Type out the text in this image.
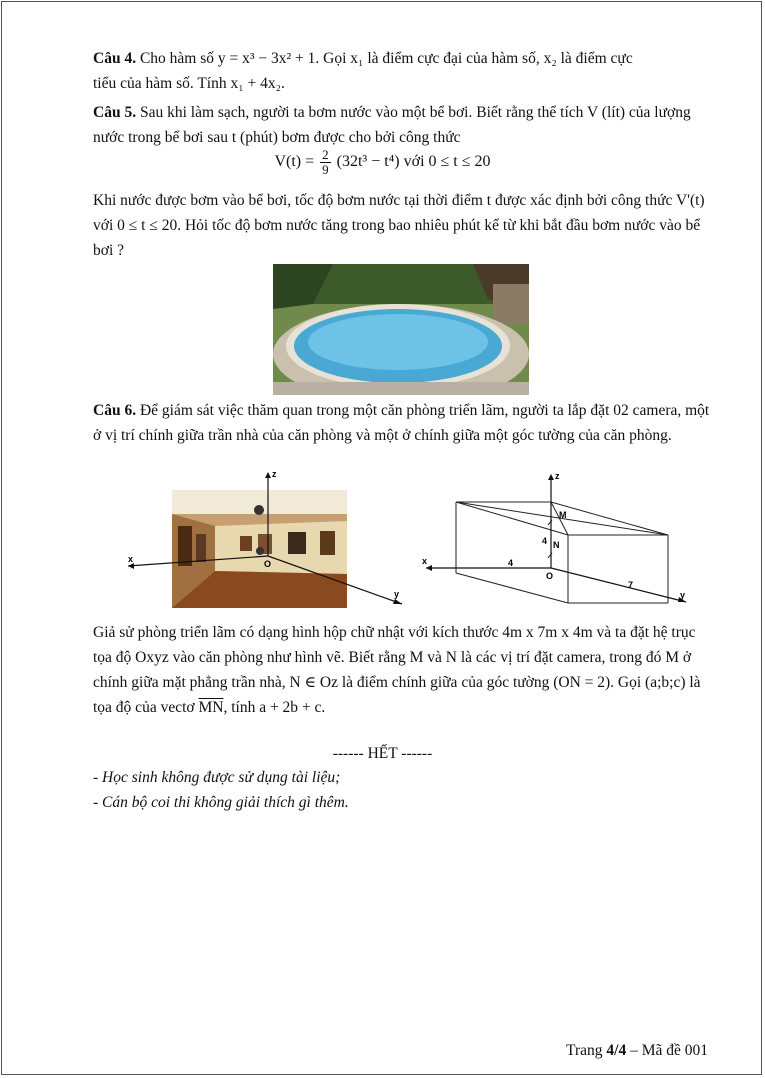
Câu 4. Cho hàm số y = x³ − 3x² + 1. Gọi x₁ là điểm cực đại của hàm số, x₂ là điểm cực
tiểu của hàm số. Tính x₁ + 4x₂.

Câu 5. Sau khi làm sạch, người ta bơm nước vào một bể bơi. Biết rằng thể tích V (lít) của lượng nước trong bể bơi sau t (phút) bơm được cho bởi công thức

$V(t) = \frac{2}{9} (32t^3 - t^4)$ với 0 ≤ t ≤ 20

Khi nước được bơm vào bể bơi, tốc độ bơm nước tại thời điểm t được xác định bởi công thức V'(t) với 0 ≤ t ≤ 20. Hỏi tốc độ bơm nước tăng trong bao nhiêu phút kể từ khi bắt đầu bơm nước vào bể bơi ?

Câu 6. Để giám sát việc thăm quan trong một căn phòng triển lãm, người ta lắp đặt 02 camera, một ở vị trí chính giữa trần nhà của căn phòng và một ở chính giữa một góc tường của căn phòng.

z
x
y
O
z
x
y
O
M
N
4
4
7

Giả sử phòng triển lãm có dạng hình hộp chữ nhật với kích thước 4m x 7m x 4m và ta đặt hệ trục tọa độ Oxyz vào căn phòng như hình vẽ. Biết rằng M và N là các vị trí đặt camera, trong đó M ở chính giữa mặt phẳng trần nhà, N ∈ Oz là điểm chính giữa của góc tường (ON = 2). Gọi (a;b;c) là tọa độ của vectơ $\overline{MN}$, tính a + 2b + c.

------ HẾT ------

- Học sinh không được sử dụng tài liệu;
- Cán bộ coi thi không giải thích gì thêm.

Trang 4/4 – Mã đề 001
